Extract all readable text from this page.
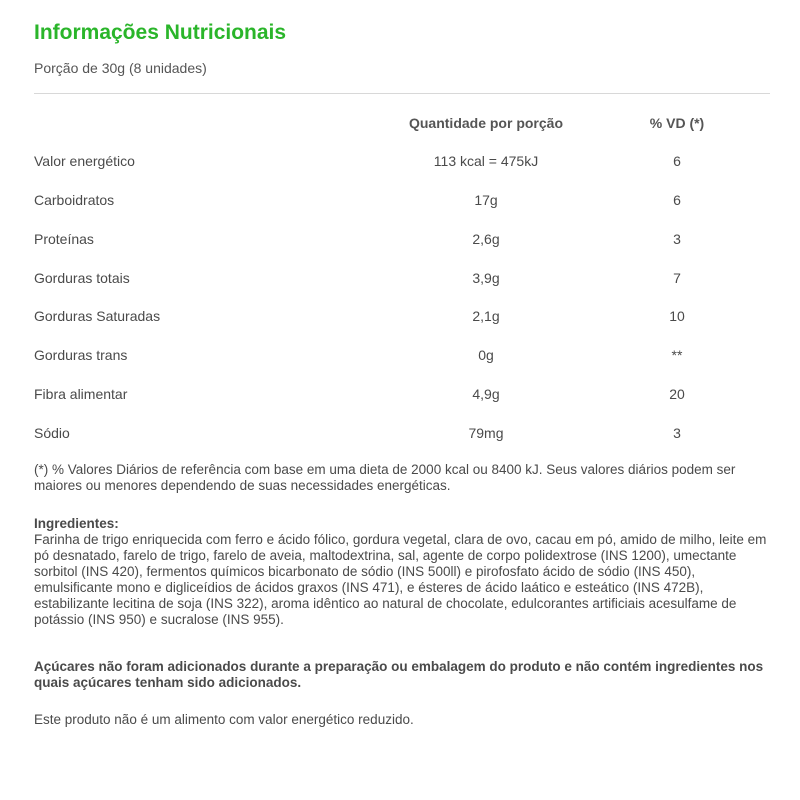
Informações Nutricionais
Porção de 30g (8 unidades)
Quantidade por porção	% VD (*)
Valor energético	113 kcal = 475kJ	6
Carboidratos	17g	6
Proteínas	2,6g	3
Gorduras totais	3,9g	7
Gorduras Saturadas	2,1g	10
Gorduras trans	0g	**
Fibra alimentar	4,9g	20
Sódio	79mg	3
(*) % Valores Diários de referência com base em uma dieta de 2000 kcal ou 8400 kJ. Seus valores diários podem ser maiores ou menores dependendo de suas necessidades energéticas.
Ingredientes:
Farinha de trigo enriquecida com ferro e ácido fólico, gordura vegetal, clara de ovo, cacau em pó, amido de milho, leite em pó desnatado, farelo de trigo, farelo de aveia, maltodextrina, sal, agente de corpo polidextrose (INS 1200), umectante sorbitol (INS 420), fermentos químicos bicarbonato de sódio (INS 500ll) e pirofosfato ácido de sódio (INS 450), emulsificante mono e digliceídios de ácidos graxos (INS 471), e ésteres de ácido laático e esteático (INS 472B), estabilizante lecitina de soja (INS 322), aroma idêntico ao natural de chocolate, edulcorantes artificiais acesulfame de potássio (INS 950) e sucralose (INS 955).
Açúcares não foram adicionados durante a preparação ou embalagem do produto e não contém ingredientes nos quais açúcares tenham sido adicionados.
Este produto não é um alimento com valor energético reduzido.
